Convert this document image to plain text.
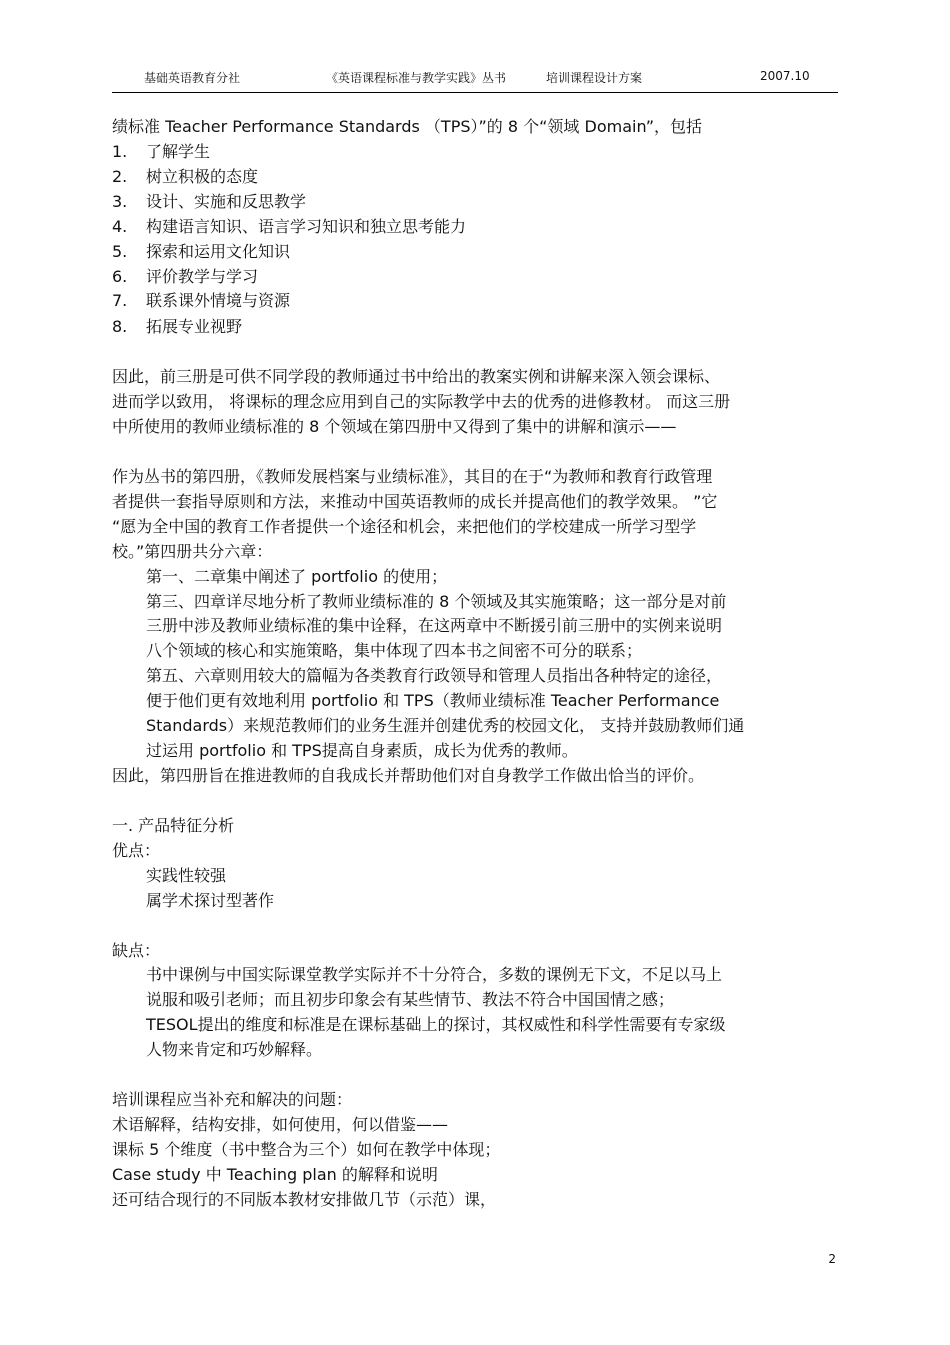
基础英语教育分社	《英语课程标准与教学实践》丛书	培训课程设计方案	2007.10
绩标准 Teacher Performance Standards （TPS）”的 8 个“领域 Domain”，包括
1. 了解学生
2. 树立积极的态度
3. 设计、实施和反思教学
4. 构建语言知识、语言学习知识和独立思考能力
5. 探索和运用文化知识
6. 评价教学与学习
7. 联系课外情境与资源
8. 拓展专业视野
因此，前三册是可供不同学段的教师通过书中给出的教案实例和讲解来深入领会课标、
进而学以致用， 将课标的理念应用到自己的实际教学中去的优秀的进修教材。 而这三册
中所使用的教师业绩标准的 8 个领域在第四册中又得到了集中的讲解和演示——
作为丛书的第四册，《教师发展档案与业绩标准》，其目的在于“为教师和教育行政管理
者提供一套指导原则和方法，来推动中国英语教师的成长并提高他们的教学效果。 ”它
“愿为全中国的教育工作者提供一个途径和机会，来把他们的学校建成一所学习型学
校。”第四册共分六章：
第一、二章集中阐述了 portfolio 的使用；
第三、四章详尽地分析了教师业绩标准的 8 个领域及其实施策略；这一部分是对前
三册中涉及教师业绩标准的集中诠释，在这两章中不断援引前三册中的实例来说明
八个领域的核心和实施策略，集中体现了四本书之间密不可分的联系；
第五、六章则用较大的篇幅为各类教育行政领导和管理人员指出各种特定的途径，
便于他们更有效地利用 portfolio 和 TPS（教师业绩标准 Teacher Performance
Standards）来规范教师们的业务生涯并创建优秀的校园文化， 支持并鼓励教师们通
过运用 portfolio 和 TPS提高自身素质，成长为优秀的教师。
因此，第四册旨在推进教师的自我成长并帮助他们对自身教学工作做出恰当的评价。
一. 产品特征分析
优点：
实践性较强
属学术探讨型著作
缺点：
书中课例与中国实际课堂教学实际并不十分符合，多数的课例无下文，不足以马上
说服和吸引老师；而且初步印象会有某些情节、教法不符合中国国情之感；
TESOL提出的维度和标准是在课标基础上的探讨，其权威性和科学性需要有专家级
人物来肯定和巧妙解释。
培训课程应当补充和解决的问题：
术语解释，结构安排，如何使用，何以借鉴——
课标 5 个维度（书中整合为三个）如何在教学中体现；
Case study 中 Teaching plan 的解释和说明
还可结合现行的不同版本教材安排做几节（示范）课，
2
